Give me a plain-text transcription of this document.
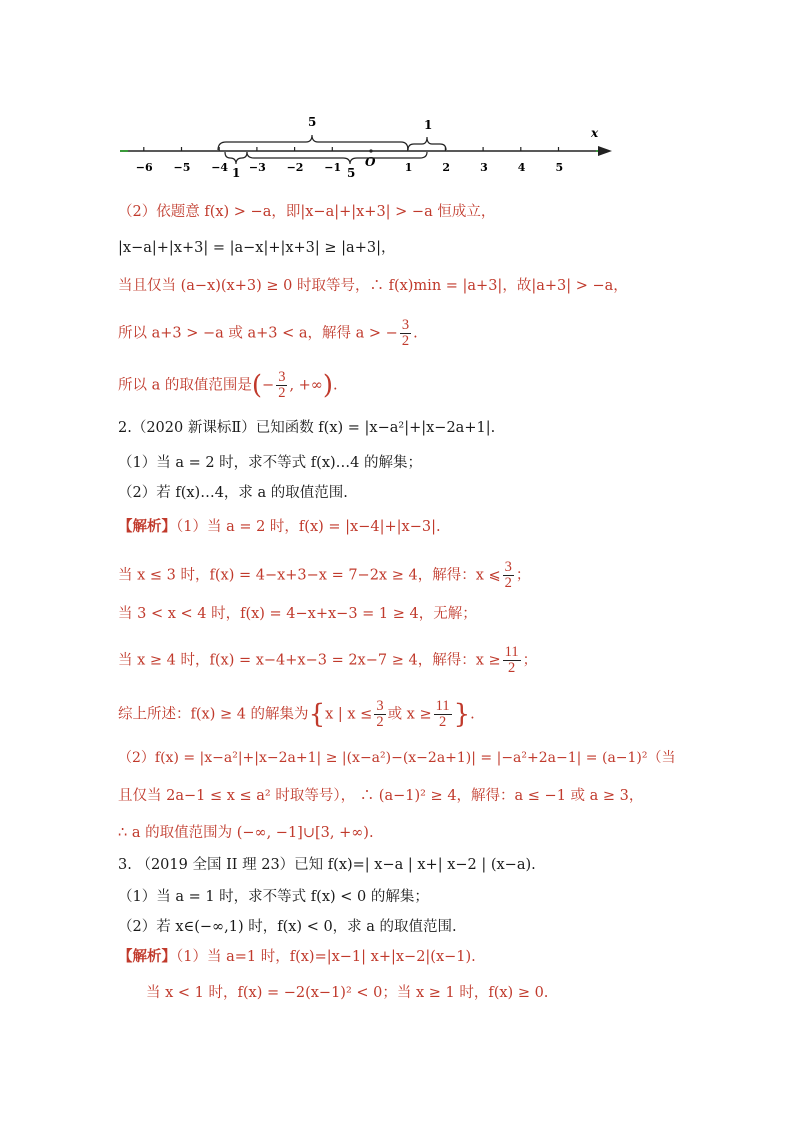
x
−6 −5 −4 −3 −2 −1	1	2	3	4	5
O
5	1
1	5
（2）依题意 f(x) > −a，即|x−a|+|x+3| > −a 恒成立，
|x−a|+|x+3| = |a−x|+|x+3| ≥ |a+3|，
当且仅当 (a−x)(x+3) ≥ 0 时取等号，∴ f(x)min = |a+3|，故|a+3| > −a，
所以 a+3 > −a 或 a+3 < a，解得 a > − $\frac{3}{2}$ .
所以 a 的取值范围是(− $\frac{3}{2}$ , +∞).
2.（2020 新课标Ⅱ）已知函数 f(x) = |x−a²|+|x−2a+1|.
（1）当 a = 2 时，求不等式 f(x)…4 的解集；
（2）若 f(x)…4，求 a 的取值范围.
【解析】（1）当 a = 2 时，f(x) = |x−4|+|x−3|.
当 x ≤ 3 时，f(x) = 4−x+3−x = 7−2x ≥ 4，解得：x ⩽ $\frac{3}{2}$ ；
当 3 < x < 4 时，f(x) = 4−x+x−3 = 1 ≥ 4，无解；
当 x ≥ 4 时，f(x) = x−4+x−3 = 2x−7 ≥ 4，解得：$x \ge \frac{11}{2}$ ；
综上所述：f(x) ≥ 4 的解集为{x | $x \le \frac{3}{2}$ 或 $x \ge \frac{11}{2}$ }.
（2）f(x) = |x−a²|+|x−2a+1| ≥ |(x−a²)−(x−2a+1)| = |−a²+2a−1| = (a−1)²（当
且仅当 2a−1 ≤ x ≤ a² 时取等号）， ∴ (a−1)² ≥ 4，解得：a ≤ −1 或 a ≥ 3，
∴ a 的取值范围为 (−∞, −1]∪[3, +∞).
3. （2019 全国 II 理 23）已知 f(x)=| x−a | x+| x−2 | (x−a).
（1）当 a = 1 时，求不等式 f(x) < 0 的解集；
（2）若 x∈(−∞,1) 时，f(x) < 0，求 a 的取值范围.
【解析】（1）当 a=1 时，f(x)=|x−1| x+|x−2|(x−1).
当 x < 1 时，f(x) = −2(x−1)² < 0；当 x ≥ 1 时，f(x) ≥ 0.
